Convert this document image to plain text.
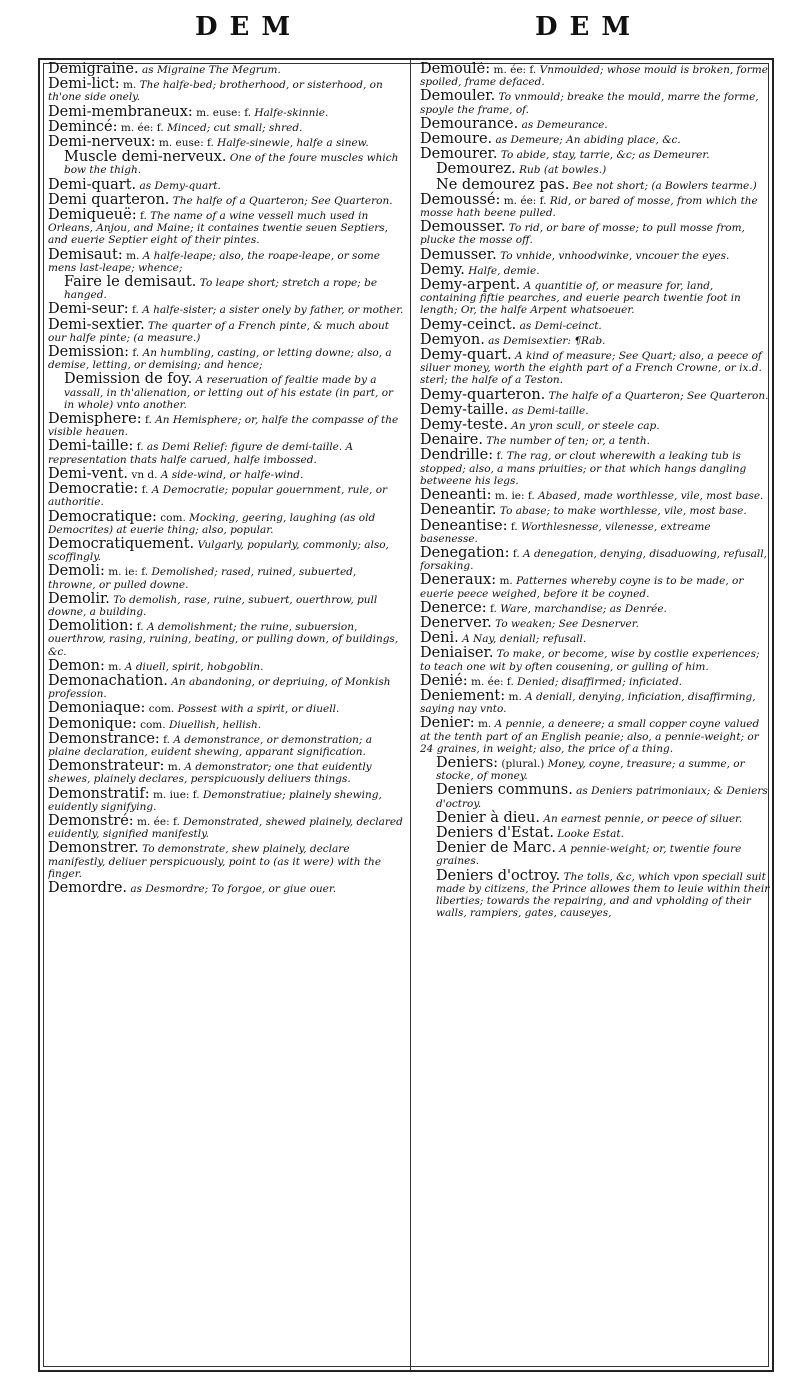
DEM	DEM

Demigraine. as Migraine The Megrum.

Demi-lict: m. The halfe-bed; brotherhood, or sisterhood, on th'one side onely.

Demi-membraneux: m. euse: f. Halfe-skinnie.

Demincé: m. ée: f. Minced; cut small; shred.

Demi-nerveux: m. euse: f. Halfe-sinewie, halfe a sinew.

Muscle demi-nerveux. One of the foure muscles which bow the thigh.

Demi-quart. as Demy-quart.

Demi quarteron. The halfe of a Quarteron; See Quarteron.

Demiqueuë: f. The name of a wine vessell much used in Orleans, Anjou, and Maine; it containes twentie seuen Septiers, and euerie Septier eight of their pintes.

Demisaut: m. A halfe-leape; also, the roape-leape, or some mens last-leape; whence;

Faire le demisaut. To leape short; stretch a rope; be hanged.

Demi-seur: f. A halfe-sister; a sister onely by father, or mother.

Demi-sextier. The quarter of a French pinte, & much about our halfe pinte; (a measure.)

Demission: f. An humbling, casting, or letting downe; also, a demise, letting, or demising; and hence;

Demission de foy. A reseruation of fealtie made by a vassall, in th'alienation, or letting out of his estate (in part, or in whole) vnto another.

Demisphere: f. An Hemisphere; or, halfe the compasse of the visible heauen.

Demi-taille: f. as Demi Relief: figure de demi-taille. A representation thats halfe carued, halfe imbossed.

Demi-vent. vn d. A side-wind, or halfe-wind.

Democratie: f. A Democratie; popular gouernment, rule, or authoritie.

Democratique: com. Mocking, geering, laughing (as old Democrites) at euerie thing; also, popular.

Democratiquement. Vulgarly, popularly, commonly; also, scoffingly.

Demoli: m. ie: f. Demolished; rased, ruined, subuerted, throwne, or pulled downe.

Demolir. To demolish, rase, ruine, subuert, ouerthrow, pull downe, a building.

Demolition: f. A demolishment; the ruine, subuersion, ouerthrow, rasing, ruining, beating, or pulling down, of buildings, &c.

Demon: m. A diuell, spirit, hobgoblin.

Demonachation. An abandoning, or depriuing, of Monkish profession.

Demoniaque: com. Possest with a spirit, or diuell.

Demonique: com. Diuellish, hellish.

Demonstrance: f. A demonstrance, or demonstration; a plaine declaration, euident shewing, apparant signification.

Demonstrateur: m. A demonstrator; one that euidently shewes, plainely declares, perspicuously deliuers things.

Demonstratif: m. iue: f. Demonstratiue; plainely shewing, euidently signifying.

Demonstré: m. ée: f. Demonstrated, shewed plainely, declared euidently, signified manifestly.

Demonstrer. To demonstrate, shew plainely, declare manifestly, deliuer perspicuously, point to (as it were) with the finger.

Demordre. as Desmordre; To forgoe, or giue ouer.

Demoulé: m. ée: f. Vnmoulded; whose mould is broken, forme spoiled, frame defaced.

Demouler. To vnmould; breake the mould, marre the forme, spoyle the frame, of.

Demourance. as Demeurance.

Demoure. as Demeure; An abiding place, &c.

Demourer. To abide, stay, tarrie, &c; as Demeurer.

Demourez. Rub (at bowles.)

Ne demourez pas. Bee not short; (a Bowlers tearme.)

Demoussé: m. ée: f. Rid, or bared of mosse, from which the mosse hath beene pulled.

Demousser. To rid, or bare of mosse; to pull mosse from, plucke the mosse off.

Demusser. To vnhide, vnhoodwinke, vncouer the eyes.

Demy. Halfe, demie.

Demy-arpent. A quantitie of, or measure for, land, containing fiftie pearches, and euerie pearch twentie foot in length; Or, the halfe Arpent whatsoeuer.

Demy-ceinct. as Demi-ceinct.

Demyon. as Demisextier: ¶Rab.

Demy-quart. A kind of measure; See Quart; also, a peece of siluer money, worth the eighth part of a French Crowne, or ix.d. sterl; the halfe of a Teston.

Demy-quarteron. The halfe of a Quarteron; See Quarteron.

Demy-taille. as Demi-taille.

Demy-teste. An yron scull, or steele cap.

Denaire. The number of ten; or, a tenth.

Dendrille: f. The rag, or clout wherewith a leaking tub is stopped; also, a mans priuities; or that which hangs dangling betweene his legs.

Deneanti: m. ie: f. Abased, made worthlesse, vile, most base.

Deneantir. To abase; to make worthlesse, vile, most base.

Deneantise: f. Worthlesnesse, vilenesse, extreame basenesse.

Denegation: f. A denegation, denying, disaduowing, refusall, forsaking.

Deneraux: m. Patternes whereby coyne is to be made, or euerie peece weighed, before it be coyned.

Denerce: f. Ware, marchandise; as Denrée.

Denerver. To weaken; See Desnerver.

Deni. A Nay, deniall; refusall.

Deniaiser. To make, or become, wise by costlie experiences; to teach one wit by often cousening, or gulling of him.

Denié: m. ée: f. Denied; disaffirmed; inficiated.

Deniement: m. A deniall, denying, inficiation, disaffirming, saying nay vnto.

Denier: m. A pennie, a deneere; a small copper coyne valued at the tenth part of an English peanie; also, a pennie-weight; or 24 graines, in weight; also, the price of a thing.

Deniers: (plural.) Money, coyne, treasure; a summe, or stocke, of money.

Deniers communs. as Deniers patrimoniaux; & Deniers d'octroy.

Denier à dieu. An earnest pennie, or peece of siluer.

Deniers d'Estat. Looke Estat.

Denier de Marc. A pennie-weight; or, twentie foure graines.

Deniers d'octroy. The tolls, &c, which vpon speciall suit made by citizens, the Prince allowes them to leuie within their liberties; towards the repairing, and and vpholding of their walls, rampiers, gates, causeyes,
